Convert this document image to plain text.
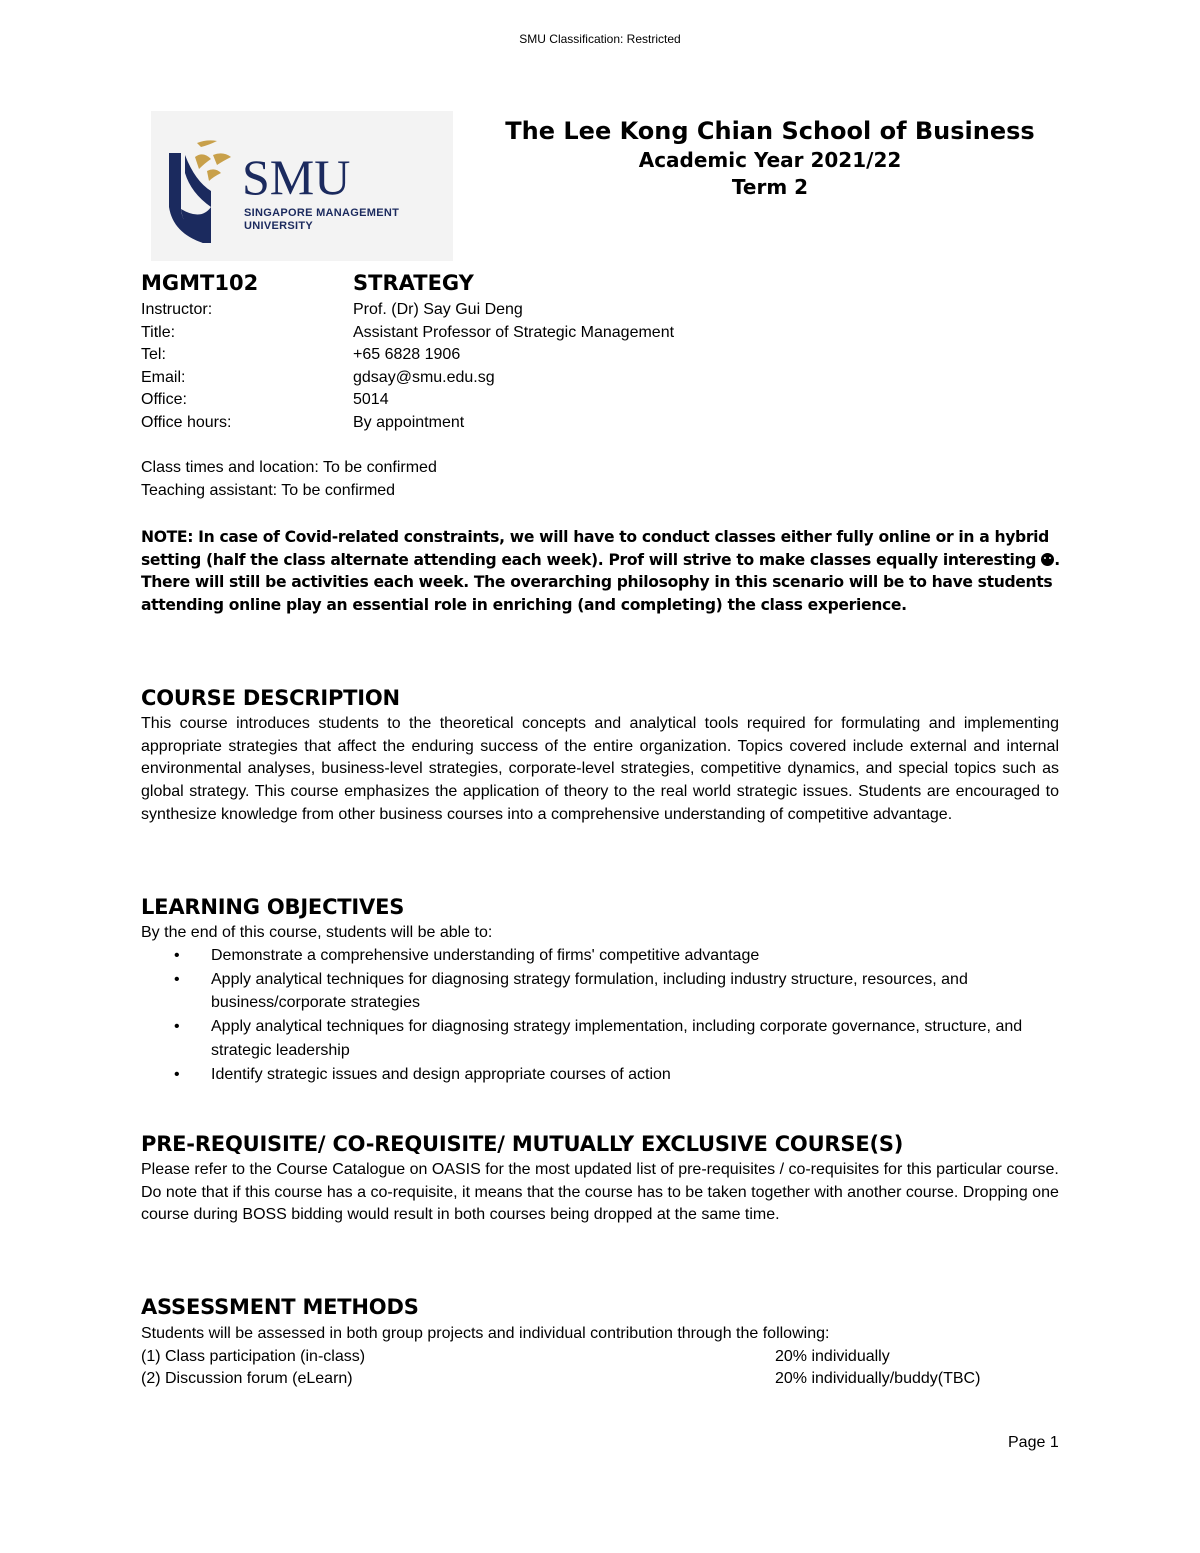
SMU Classification: Restricted
SMU
SINGAPORE MANAGEMENT
UNIVERSITY
The Lee Kong Chian School of Business
Academic Year 2021/22
Term 2
MGMT102	STRATEGY
Instructor:	Prof. (Dr) Say Gui Deng
Title:	Assistant Professor of Strategic Management
Tel:	+65 6828 1906
Email:	gdsay@smu.edu.sg
Office:	5014
Office hours:	By appointment
Class times and location: To be confirmed
Teaching assistant: To be confirmed
NOTE: In case of Covid-related constraints, we will have to conduct classes either fully online or in a hybrid setting (half the class alternate attending each week). Prof will strive to make classes equally interesting . There will still be activities each week. The overarching philosophy in this scenario will be to have students attending online play an essential role in enriching (and completing) the class experience.
COURSE DESCRIPTION
This course introduces students to the theoretical concepts and analytical tools required for formulating and implementing appropriate strategies that affect the enduring success of the entire organization. Topics covered include external and internal environmental analyses, business-level strategies, corporate-level strategies, competitive dynamics, and special topics such as global strategy. This course emphasizes the application of theory to the real world strategic issues. Students are encouraged to synthesize knowledge from other business courses into a comprehensive understanding of competitive advantage.
LEARNING OBJECTIVES
By the end of this course, students will be able to:
• Demonstrate a comprehensive understanding of firms' competitive advantage
• Apply analytical techniques for diagnosing strategy formulation, including industry structure, resources, and business/corporate strategies
• Apply analytical techniques for diagnosing strategy implementation, including corporate governance, structure, and strategic leadership
• Identify strategic issues and design appropriate courses of action
PRE-REQUISITE/ CO-REQUISITE/ MUTUALLY EXCLUSIVE COURSE(S)
Please refer to the Course Catalogue on OASIS for the most updated list of pre-requisites / co-requisites for this particular course. Do note that if this course has a co-requisite, it means that the course has to be taken together with another course. Dropping one course during BOSS bidding would result in both courses being dropped at the same time.
ASSESSMENT METHODS
Students will be assessed in both group projects and individual contribution through the following:
(1) Class participation (in-class)	20% individually
(2) Discussion forum (eLearn)	20% individually/buddy(TBC)
Page 1
